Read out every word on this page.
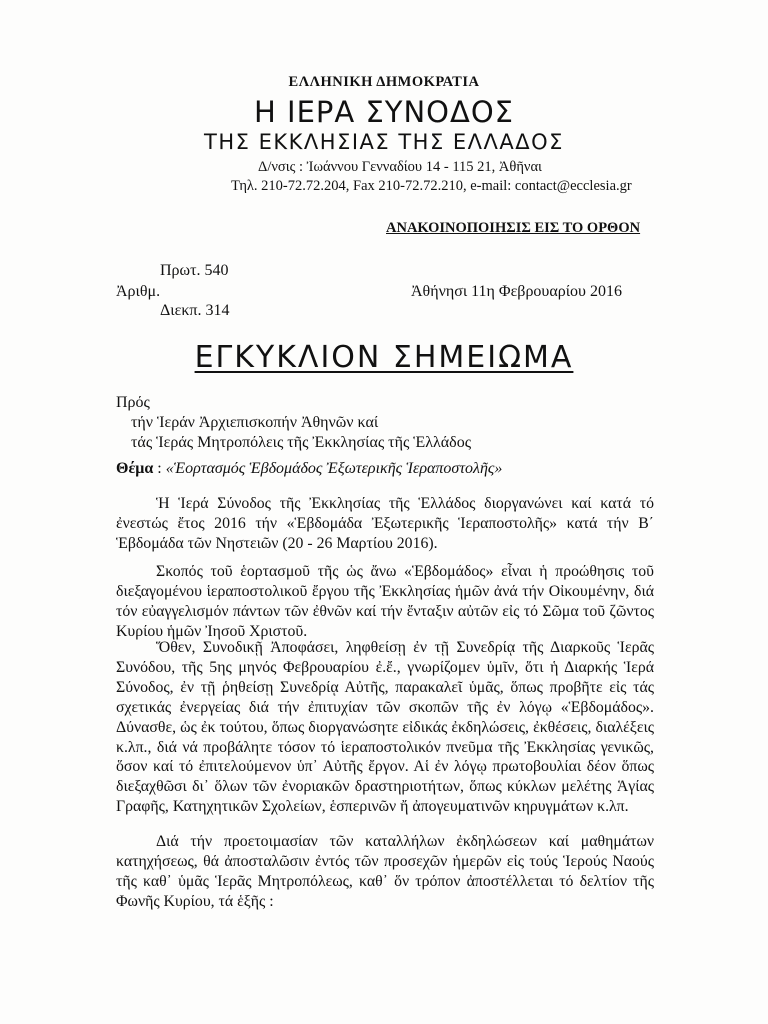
ΕΛΛΗΝΙΚΗ ΔΗΜΟΚΡΑΤΙΑ
Η ΙΕΡΑ ΣΥΝΟΔΟΣ
ΤΗΣ ΕΚΚΛΗΣΙΑΣ ΤΗΣ ΕΛΛΑΔΟΣ
Δ/νσις : Ἰωάννου Γενναδίου 14 - 115 21, Ἀθῆναι
Τηλ. 210-72.72.204, Fax 210-72.72.210, e-mail: contact@ecclesia.gr
ΑΝΑΚΟΙΝΟΠΟΙΗΣΙΣ ΕΙΣ ΤΟ ΟΡΘΟΝ
Πρωτ. 540
Ἀριθμ.
Διεκπ. 314
Ἀθήνησι 11η Φεβρουαρίου 2016
ΕΓΚΥΚΛΙΟΝ ΣΗΜΕΙΩΜΑ
Πρός
τήν Ἱεράν Ἀρχιεπισκοπήν Ἀθηνῶν καί
τάς Ἱεράς Μητροπόλεις τῆς Ἐκκλησίας τῆς Ἑλλάδος
Θέμα : «Ἑορτασμός Ἑβδομάδος Ἐξωτερικῆς Ἱεραποστολῆς»

Ἡ Ἱερά Σύνοδος τῆς Ἐκκλησίας τῆς Ἑλλάδος διοργανώνει καί κατά τό ἐνεστώς ἔτος 2016 τήν «Ἑβδομάδα Ἐξωτερικῆς Ἱεραποστολῆς» κατά τήν Β΄ Ἑβδομάδα τῶν Νηστειῶν (20 - 26 Μαρτίου 2016).

Σκοπός τοῦ ἑορτασμοῦ τῆς ὡς ἄνω «Ἑβδομάδος» εἶναι ἡ προώθησις τοῦ διεξαγομένου ἱεραποστολικοῦ ἔργου τῆς Ἐκκλησίας ἡμῶν ἀνά τήν Οἰκουμένην, διά τόν εὐαγγελισμόν πάντων τῶν ἐθνῶν καί τήν ἔνταξιν αὐτῶν εἰς τό Σῶμα τοῦ ζῶντος Κυρίου ἡμῶν Ἰησοῦ Χριστοῦ.

Ὅθεν, Συνοδικῇ Ἀποφάσει, ληφθείσῃ ἐν τῇ Συνεδρίᾳ τῆς Διαρκοῦς Ἱερᾶς Συνόδου, τῆς 5ης μηνός Φεβρουαρίου ἐ.ἔ., γνωρίζομεν ὑμῖν, ὅτι ἡ Διαρκής Ἱερά Σύνοδος, ἐν τῇ ῥηθείσῃ Συνεδρίᾳ Αὐτῆς, παρακαλεῖ ὑμᾶς, ὅπως προβῆτε εἰς τάς σχετικάς ἐνεργείας διά τήν ἐπιτυχίαν τῶν σκοπῶν τῆς ἐν λόγῳ «Ἑβδομάδος». Δύνασθε, ὡς ἐκ τούτου, ὅπως διοργανώσητε εἰδικάς ἐκδηλώσεις, ἐκθέσεις, διαλέξεις κ.λπ., διά νά προβάλητε τόσον τό ἱεραποστολικόν πνεῦμα τῆς Ἐκκλησίας γενικῶς, ὅσον καί τό ἐπιτελούμενον ὑπ᾽ Αὐτῆς ἔργον. Αἱ ἐν λόγῳ πρωτοβουλίαι δέον ὅπως διεξαχθῶσι δι᾽ ὅλων τῶν ἐνοριακῶν δραστηριοτήτων, ὅπως κύκλων μελέτης Ἁγίας Γραφῆς, Κατηχητικῶν Σχολείων, ἑσπερινῶν ἤ ἀπογευματινῶν κηρυγμάτων κ.λπ.

Διά τήν προετοιμασίαν τῶν καταλλήλων ἐκδηλώσεων καί μαθημάτων κατηχήσεως, θά ἀποσταλῶσιν ἐντός τῶν προσεχῶν ἡμερῶν εἰς τούς Ἱερούς Ναούς τῆς καθ᾽ ὑμᾶς Ἱερᾶς Μητροπόλεως, καθ᾽ ὅν τρόπον ἀποστέλλεται τό δελτίον τῆς Φωνῆς Κυρίου, τά ἑξῆς :
